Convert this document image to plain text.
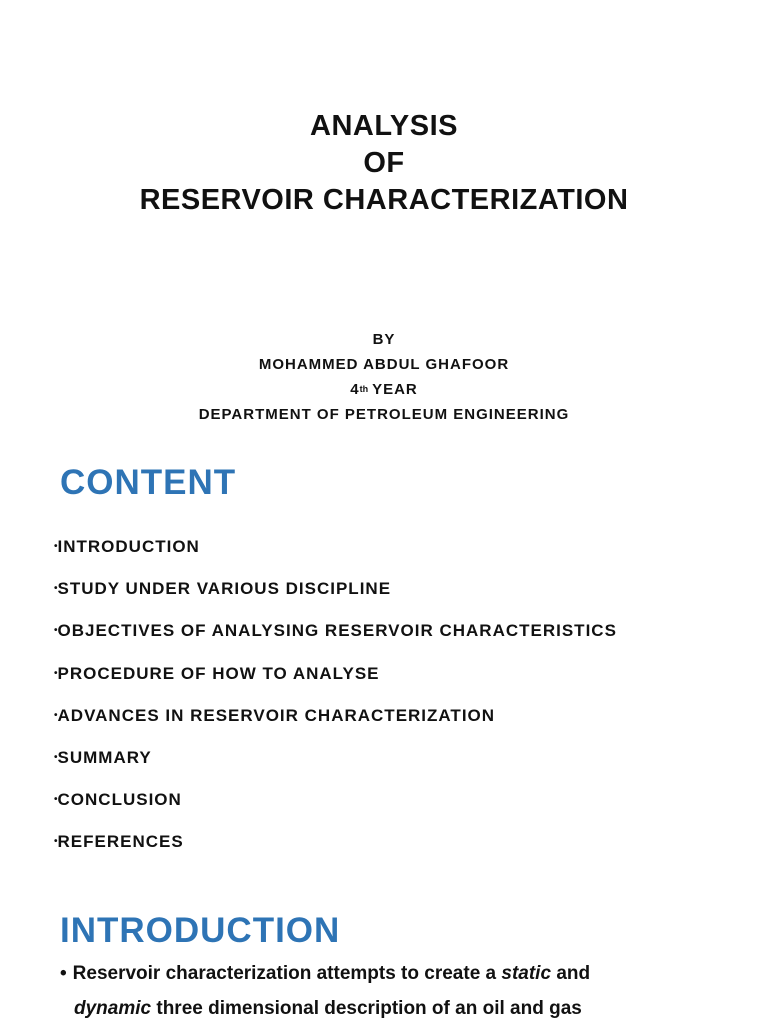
ANALYSIS
OF
RESERVOIR CHARACTERIZATION
BY
MOHAMMED ABDUL GHAFOOR
4th YEAR
DEPARTMENT OF PETROLEUM ENGINEERING
CONTENT
•INTRODUCTION
•STUDY UNDER VARIOUS DISCIPLINE
•OBJECTIVES OF ANALYSING RESERVOIR CHARACTERISTICS
•PROCEDURE OF HOW TO ANALYSE
•ADVANCES IN RESERVOIR CHARACTERIZATION
•SUMMARY
•CONCLUSION
•REFERENCES
INTRODUCTION
• Reservoir characterization attempts to create a static and
dynamic three dimensional description of an oil and gas
